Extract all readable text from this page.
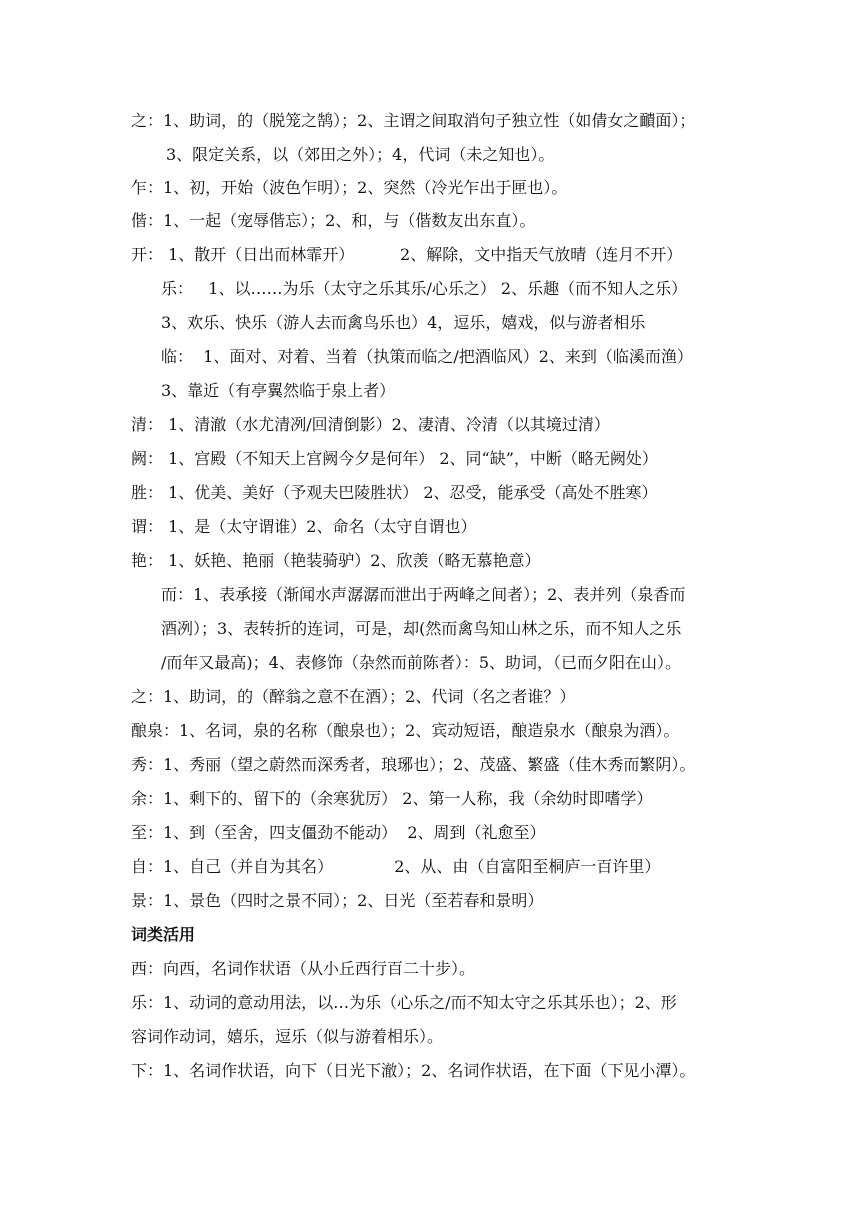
之：1、助词，的（脱笼之鹄）；2、主谓之间取消句子独立性（如倩女之靧面）；
3、限定关系，以（郊田之外）；4，代词（未之知也）。
乍：1、初，开始（波色乍明）；2、突然（冷光乍出于匣也）。
偕：1、一起（宠辱偕忘）；2、和，与（偕数友出东直）。
开： 1、散开（日出而林霏开）         2、解除，文中指天气放晴（连月不开）
乐：   1、以……为乐（太守之乐其乐/心乐之） 2、乐趣（而不知人之乐）
3、欢乐、快乐（游人去而禽鸟乐也）4，逗乐，嬉戏，似与游者相乐
临：  1、面对、对着、当着（执策而临之/把酒临风）2、来到（临溪而渔）
3、靠近（有亭翼然临于泉上者）
清： 1、清澈（水尤清冽/回清倒影）2、凄清、冷清（以其境过清）
阙： 1、宫殿（不知天上宫阙今夕是何年） 2、同“缺”，中断（略无阙处）
胜： 1、优美、美好（予观夫巴陵胜状） 2、忍受，能承受（高处不胜寒）
谓： 1、是（太守谓谁）2、命名（太守自谓也）
艳： 1、妖艳、艳丽（艳装骑驴）2、欣羡（略无慕艳意）
而：1、表承接（渐闻水声潺潺而泄出于两峰之间者）；2、表并列（泉香而
酒冽）；3、表转折的连词，可是，却(然而禽鸟知山林之乐，而不知人之乐
/而年又最高)；4、表修饰（杂然而前陈者）：5、助词，（已而夕阳在山）。
之：1、助词，的（醉翁之意不在酒）；2、代词（名之者谁？）
酿泉：1、名词，泉的名称（酿泉也）；2、宾动短语，酿造泉水（酿泉为酒）。
秀：1、秀丽（望之蔚然而深秀者，琅琊也）；2、茂盛、繁盛（佳木秀而繁阴）。
余：1、剩下的、留下的（余寒犹厉） 2、第一人称，我（余幼时即嗜学）
至：1、到（至舍，四支僵劲不能动）  2、周到（礼愈至）
自：1、自己（并自为其名）            2、从、由（自富阳至桐庐一百许里）
景：1、景色（四时之景不同）；2、日光（至若春和景明）
词类活用
西：向西，名词作状语（从小丘西行百二十步）。
乐：1、动词的意动用法，以…为乐（心乐之/而不知太守之乐其乐也）；2、形
容词作动词，嬉乐，逗乐（似与游着相乐）。
下：1、名词作状语，向下（日光下澈）；2、名词作状语，在下面（下见小潭）。
